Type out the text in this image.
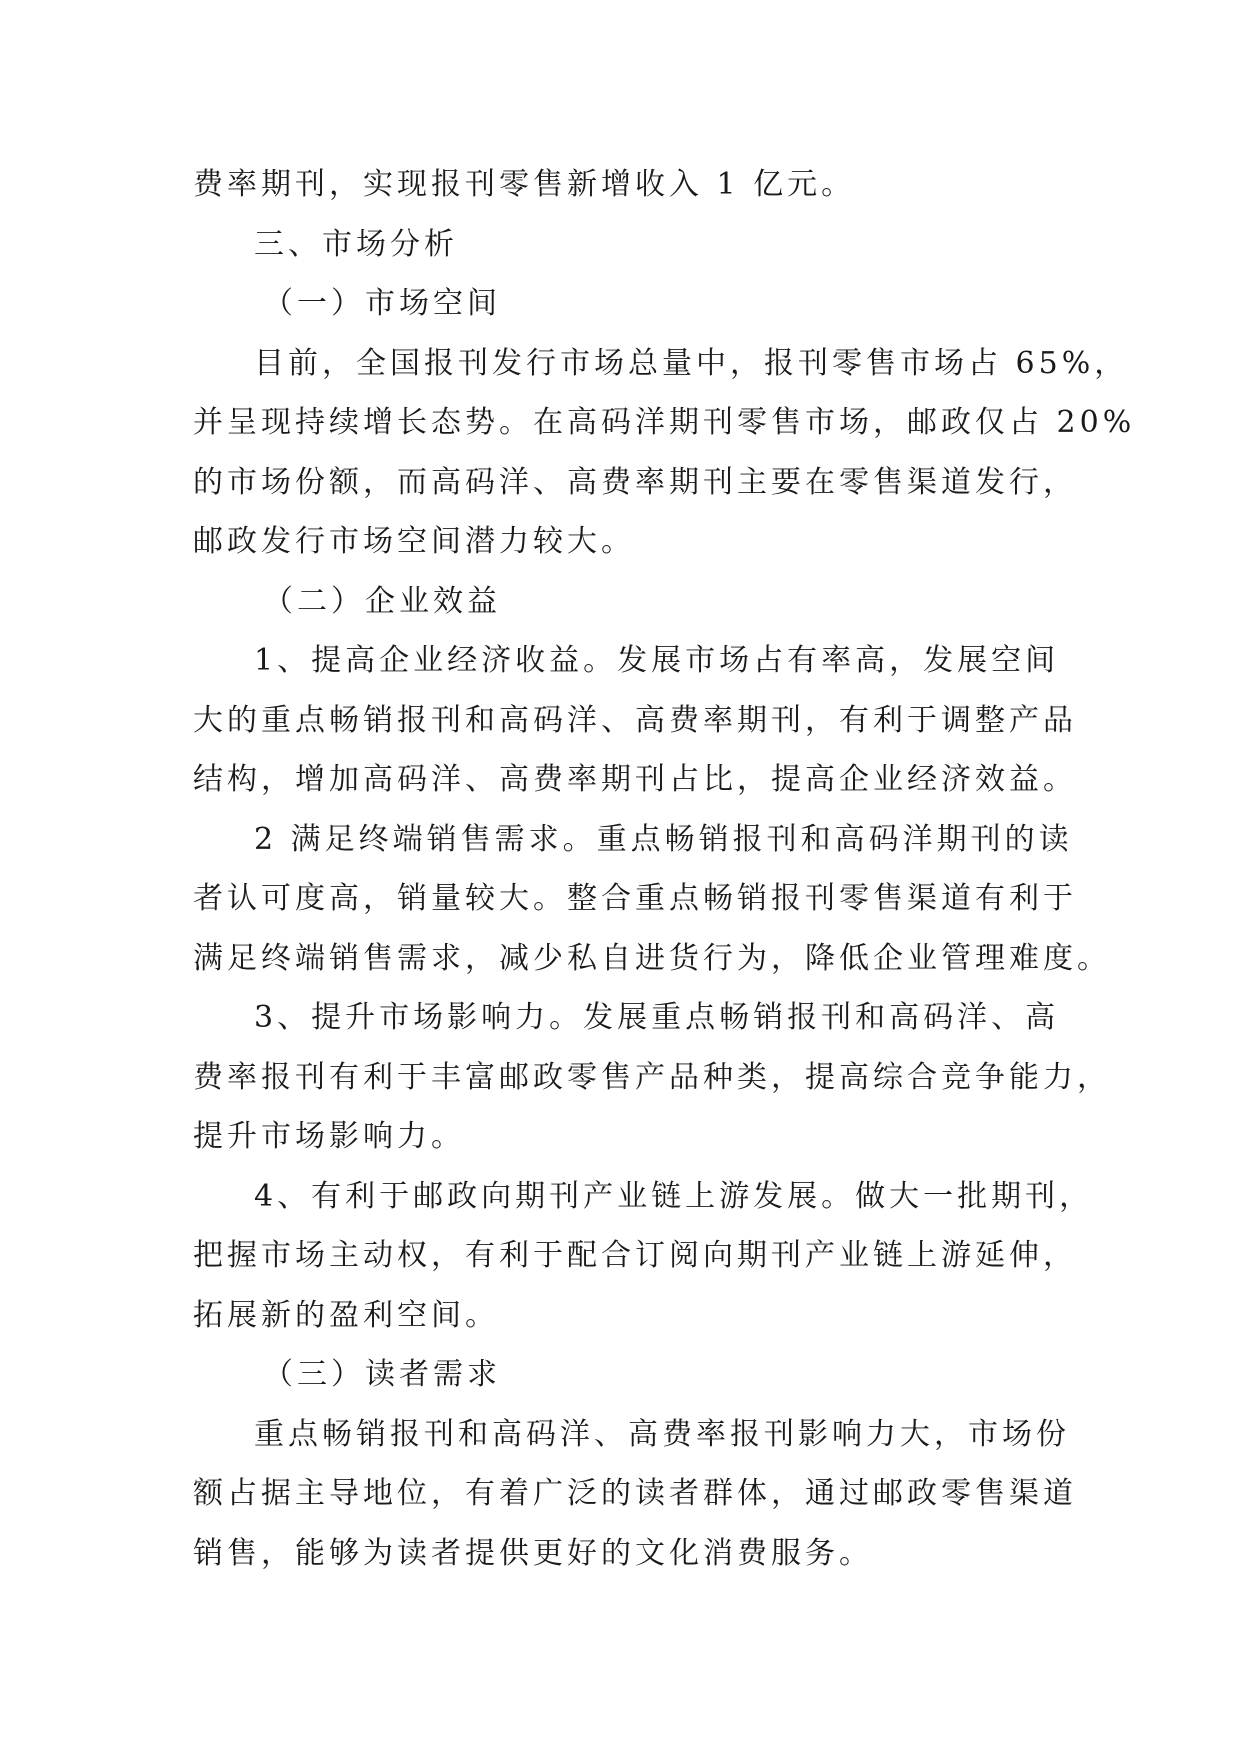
费率期刊，实现报刊零售新增收入 1 亿元。
三、市场分析
（一）市场空间
目前，全国报刊发行市场总量中，报刊零售市场占 65%，
并呈现持续增长态势。在高码洋期刊零售市场，邮政仅占 20%
的市场份额，而高码洋、高费率期刊主要在零售渠道发行，
邮政发行市场空间潜力较大。
（二）企业效益
1、提高企业经济收益。发展市场占有率高，发展空间
大的重点畅销报刊和高码洋、高费率期刊，有利于调整产品
结构，增加高码洋、高费率期刊占比，提高企业经济效益。
2 满足终端销售需求。重点畅销报刊和高码洋期刊的读
者认可度高，销量较大。整合重点畅销报刊零售渠道有利于
满足终端销售需求，减少私自进货行为，降低企业管理难度。
3、提升市场影响力。发展重点畅销报刊和高码洋、高
费率报刊有利于丰富邮政零售产品种类，提高综合竞争能力，
提升市场影响力。
4、有利于邮政向期刊产业链上游发展。做大一批期刊，
把握市场主动权，有利于配合订阅向期刊产业链上游延伸，
拓展新的盈利空间。
（三）读者需求
重点畅销报刊和高码洋、高费率报刊影响力大，市场份
额占据主导地位，有着广泛的读者群体，通过邮政零售渠道
销售，能够为读者提供更好的文化消费服务。
